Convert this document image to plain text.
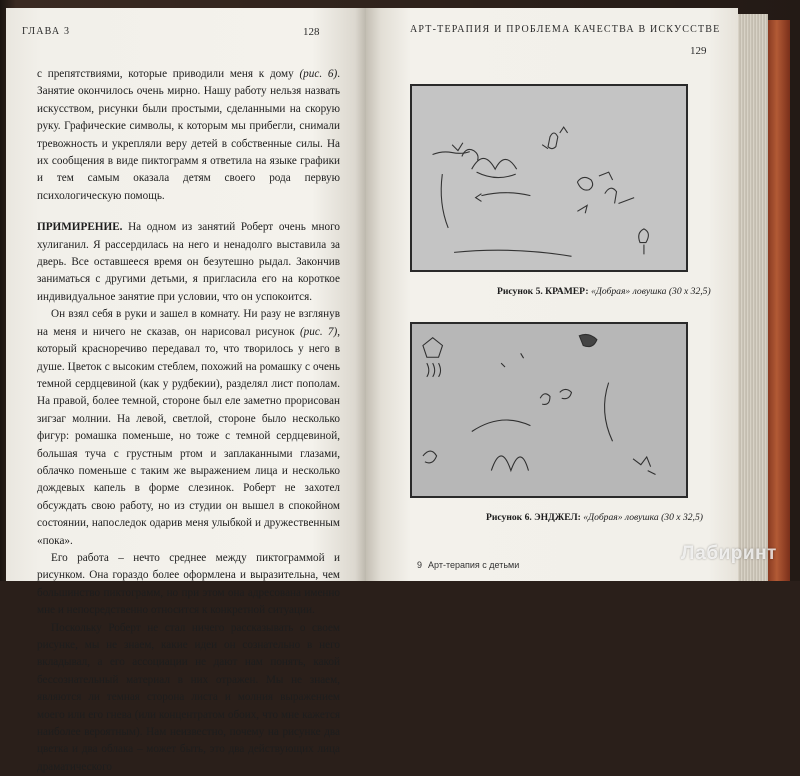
ГЛАВА 3	128

с препятствиями, которые приводили меня к дому (рис. 6). Занятие окончилось очень мирно. Нашу работу нельзя назвать искусством, рисунки были простыми, сделанными на скорую руку. Графические символы, к которым мы прибегли, снимали тревожность и укрепляли веру детей в собственные силы. На их сообщения в виде пиктограмм я ответила на языке графики и тем самым оказала детям своего рода первую психологическую помощь.

ПРИМИРЕНИЕ. На одном из занятий Роберт очень много хулиганил. Я рассердилась на него и ненадолго выставила за дверь. Все оставшееся время он безутешно рыдал. Закончив заниматься с другими детьми, я пригласила его на короткое индивидуальное занятие при условии, что он успокоится.

Он взял себя в руки и зашел в комнату. Ни разу не взглянув на меня и ничего не сказав, он нарисовал рисунок (рис. 7), который красноречиво передавал то, что творилось у него в душе. Цветок с высоким стеблем, похожий на ромашку с очень темной сердцевиной (как у рудбекии), разделял лист пополам. На правой, более темной, стороне был еле заметно прорисован зигзаг молнии. На левой, светлой, стороне было несколько фигур: ромашка поменьше, но тоже с темной сердцевиной, большая туча с грустным ртом и заплаканными глазами, облачко поменьше с таким же выражением лица и несколько дождевых капель в форме слезинок. Роберт не захотел обсуждать свою работу, но из студии он вышел в спокойном состоянии, напоследок одарив меня улыбкой и дружественным «пока».

Его работа – нечто среднее между пиктограммой и рисунком. Она гораздо более оформлена и выразительна, чем большинство пиктограмм, но при этом она адресована именно мне и непосредственно относится к конкретной ситуации.

Поскольку Роберт не стал ничего рассказывать о своем рисунке, мы не знаем, какие идеи он сознательно в него вкладывал, а его ассоциации не дают нам понять, какой бессознательный материал в них отражен. Мы не знаем, являются ли темная сторона листа и молния выражением моего или его гнева (или концентратом обоих, что мне кажется наиболее вероятным). Нам неизвестно, почему на рисунке два цветка и два облака – может быть, это два действующих лица драматического

АРТ-ТЕРАПИЯ И ПРОБЛЕМА КАЧЕСТВА В ИСКУССТВЕ
129
Рисунок 5. КРАМЕР: «Добрая» ловушка (30 х 32,5)
Рисунок 6. ЭНДЖЕЛ: «Добрая» ловушка (30 х 32,5)
9 Арт-терапия с детьми
Лабиринт
